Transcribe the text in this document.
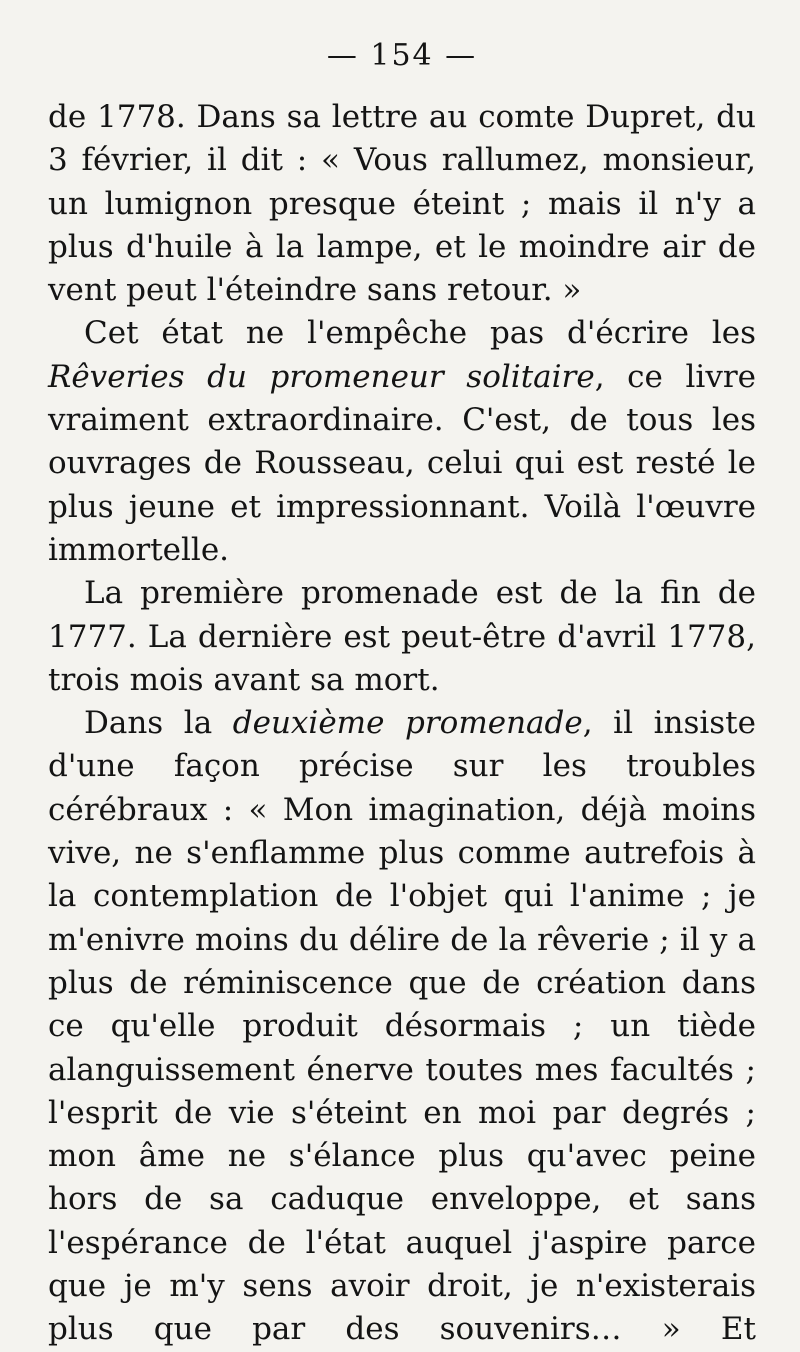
— 154 —

de 1778. Dans sa lettre au comte Dupret, du 3 février, il dit : « Vous rallumez, monsieur, un lumignon presque éteint ; mais il n'y a plus d'huile à la lampe, et le moindre air de vent peut l'éteindre sans retour. »

Cet état ne l'empêche pas d'écrire les Rêveries du promeneur solitaire, ce livre vraiment extraordinaire. C'est, de tous les ouvrages de Rousseau, celui qui est resté le plus jeune et impressionnant. Voilà l'œuvre immortelle.

La première promenade est de la fin de 1777. La dernière est peut-être d'avril 1778, trois mois avant sa mort.

Dans la deuxième promenade, il insiste d'une façon précise sur les troubles cérébraux : « Mon imagination, déjà moins vive, ne s'enflamme plus comme autrefois à la contemplation de l'objet qui l'anime ; je m'enivre moins du délire de la rêverie ; il y a plus de réminiscence que de création dans ce qu'elle produit désormais ; un tiède alanguissement énerve toutes mes facultés ; l'esprit de vie s'éteint en moi par degrés ; mon âme ne s'élance plus qu'avec peine hors de sa caduque enveloppe, et sans l'espérance de l'état auquel j'aspire parce que je m'y sens avoir droit, je n'existerais plus que par des souvenirs… » Et
